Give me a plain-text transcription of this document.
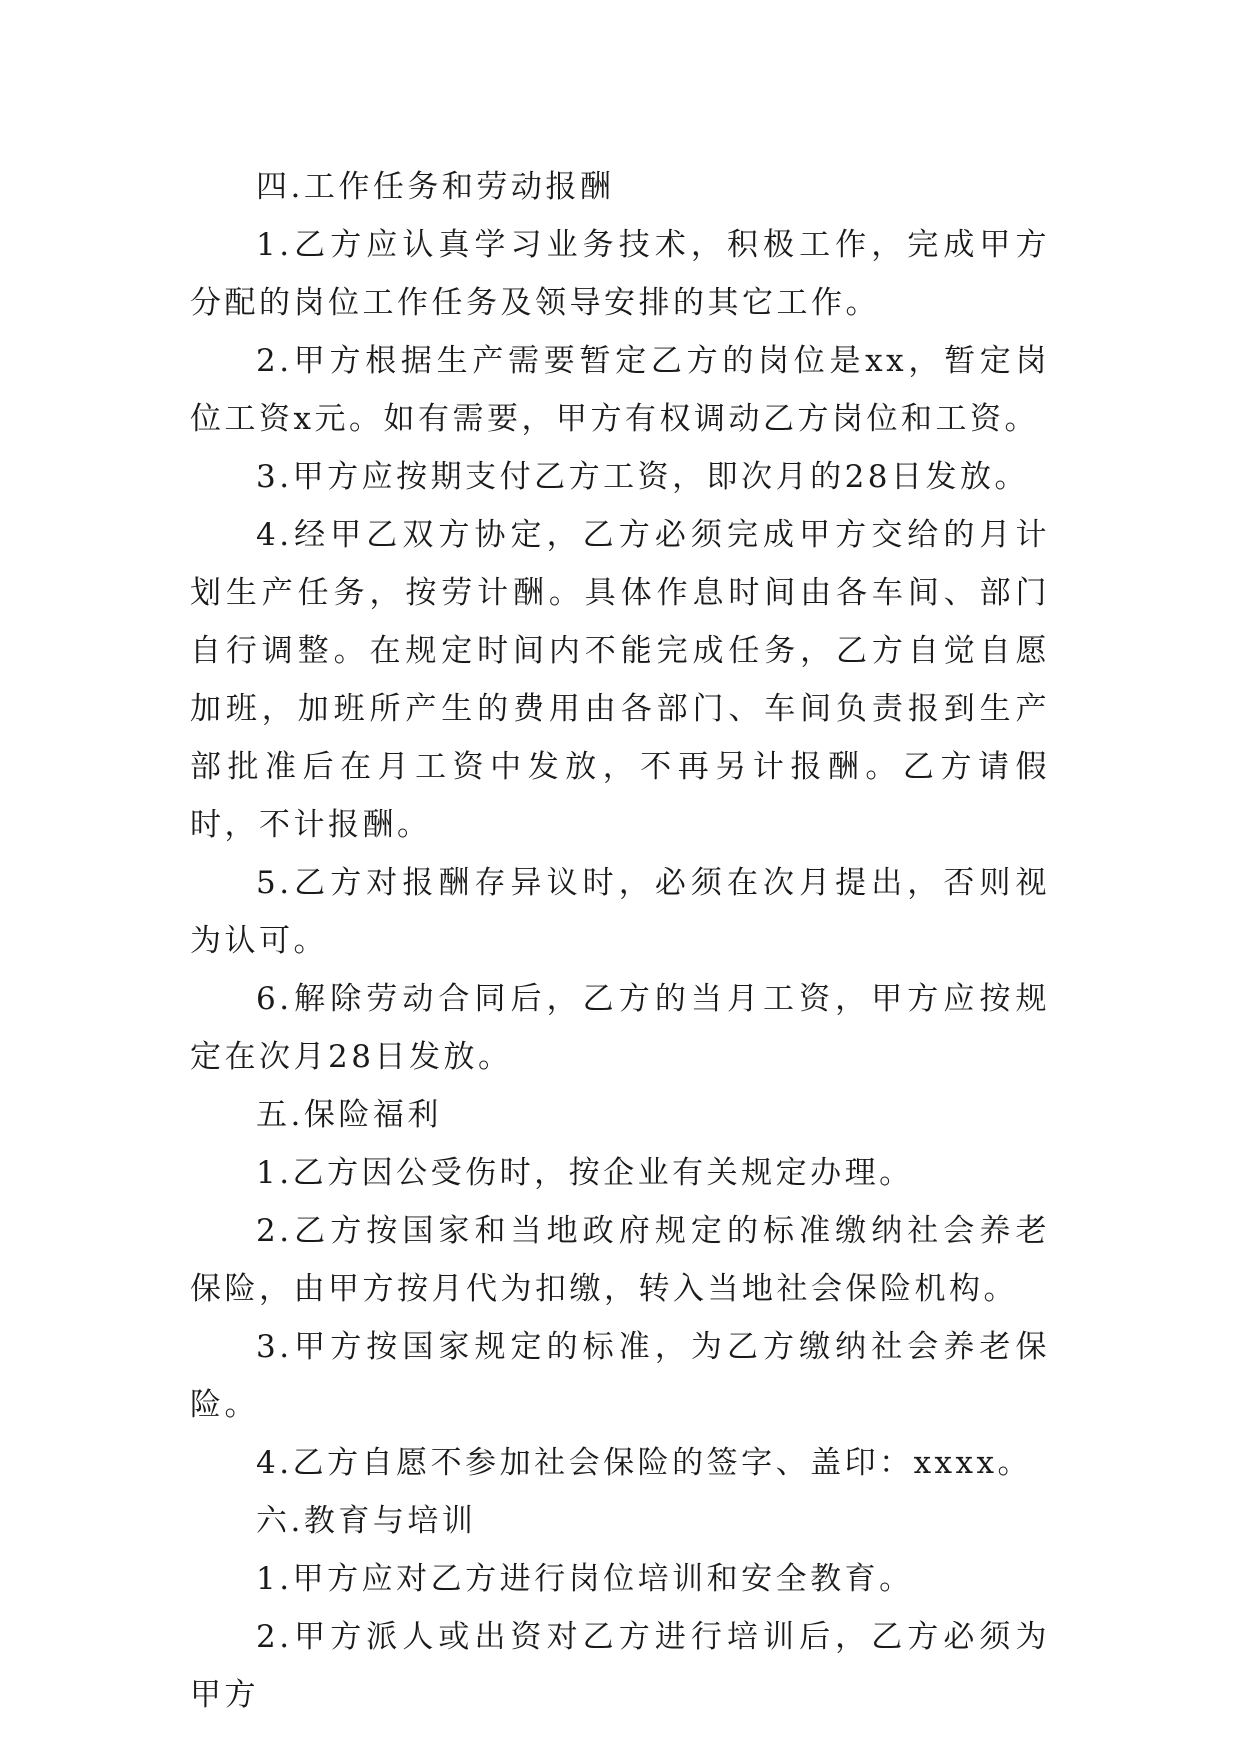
四.工作任务和劳动报酬

1.乙方应认真学习业务技术，积极工作，完成甲方分配的岗位工作任务及领导安排的其它工作。

2.甲方根据生产需要暂定乙方的岗位是xx，暂定岗位工资x元。如有需要，甲方有权调动乙方岗位和工资。

3.甲方应按期支付乙方工资，即次月的28日发放。

4.经甲乙双方协定，乙方必须完成甲方交给的月计划生产任务，按劳计酬。具体作息时间由各车间、部门自行调整。在规定时间内不能完成任务，乙方自觉自愿加班，加班所产生的费用由各部门、车间负责报到生产部批准后在月工资中发放，不再另计报酬。乙方请假时，不计报酬。

5.乙方对报酬存异议时，必须在次月提出，否则视为认可。

6.解除劳动合同后，乙方的当月工资，甲方应按规定在次月28日发放。

五.保险福利

1.乙方因公受伤时，按企业有关规定办理。

2.乙方按国家和当地政府规定的标准缴纳社会养老保险，由甲方按月代为扣缴，转入当地社会保险机构。

3.甲方按国家规定的标准，为乙方缴纳社会养老保险。

4.乙方自愿不参加社会保险的签字、盖印：xxxx。

六.教育与培训

1.甲方应对乙方进行岗位培训和安全教育。

2.甲方派人或出资对乙方进行培训后，乙方必须为甲方
